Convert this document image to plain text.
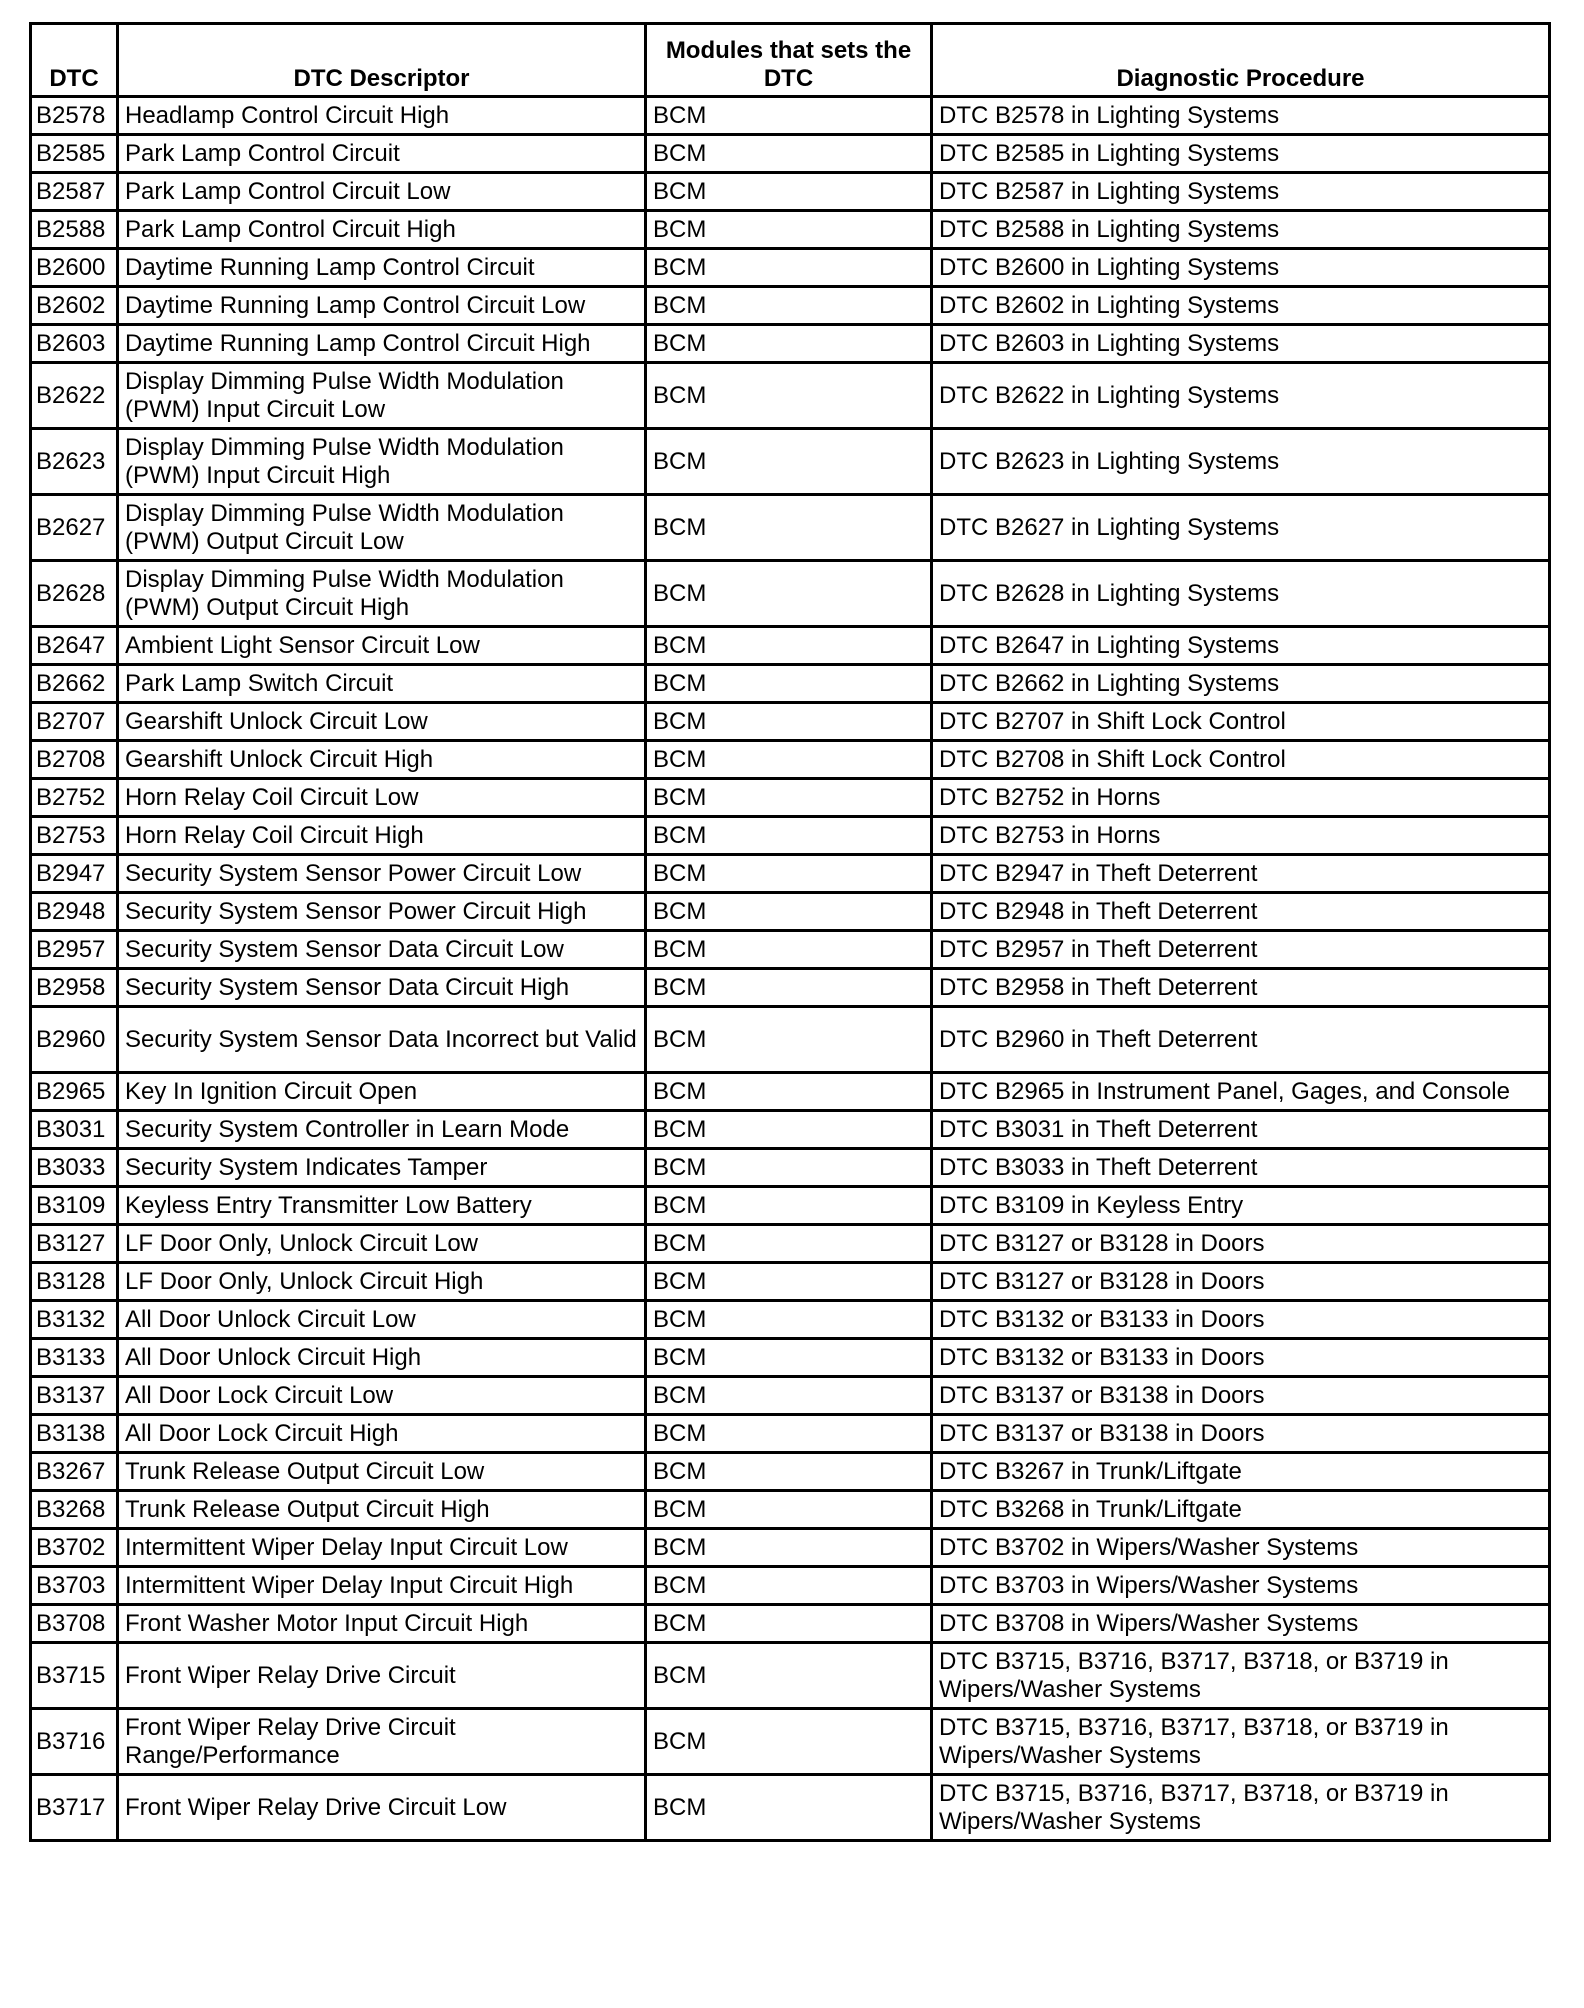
DTC	DTC Descriptor	Modules that sets the DTC	Diagnostic Procedure
B2578	Headlamp Control Circuit High	BCM	DTC B2578 in Lighting Systems
B2585	Park Lamp Control Circuit	BCM	DTC B2585 in Lighting Systems
B2587	Park Lamp Control Circuit Low	BCM	DTC B2587 in Lighting Systems
B2588	Park Lamp Control Circuit High	BCM	DTC B2588 in Lighting Systems
B2600	Daytime Running Lamp Control Circuit	BCM	DTC B2600 in Lighting Systems
B2602	Daytime Running Lamp Control Circuit Low	BCM	DTC B2602 in Lighting Systems
B2603	Daytime Running Lamp Control Circuit High	BCM	DTC B2603 in Lighting Systems
B2622	Display Dimming Pulse Width Modulation (PWM) Input Circuit Low	BCM	DTC B2622 in Lighting Systems
B2623	Display Dimming Pulse Width Modulation (PWM) Input Circuit High	BCM	DTC B2623 in Lighting Systems
B2627	Display Dimming Pulse Width Modulation (PWM) Output Circuit Low	BCM	DTC B2627 in Lighting Systems
B2628	Display Dimming Pulse Width Modulation (PWM) Output Circuit High	BCM	DTC B2628 in Lighting Systems
B2647	Ambient Light Sensor Circuit Low	BCM	DTC B2647 in Lighting Systems
B2662	Park Lamp Switch Circuit	BCM	DTC B2662 in Lighting Systems
B2707	Gearshift Unlock Circuit Low	BCM	DTC B2707 in Shift Lock Control
B2708	Gearshift Unlock Circuit High	BCM	DTC B2708 in Shift Lock Control
B2752	Horn Relay Coil Circuit Low	BCM	DTC B2752 in Horns
B2753	Horn Relay Coil Circuit High	BCM	DTC B2753 in Horns
B2947	Security System Sensor Power Circuit Low	BCM	DTC B2947 in Theft Deterrent
B2948	Security System Sensor Power Circuit High	BCM	DTC B2948 in Theft Deterrent
B2957	Security System Sensor Data Circuit Low	BCM	DTC B2957 in Theft Deterrent
B2958	Security System Sensor Data Circuit High	BCM	DTC B2958 in Theft Deterrent
B2960	Security System Sensor Data Incorrect but Valid	BCM	DTC B2960 in Theft Deterrent
B2965	Key In Ignition Circuit Open	BCM	DTC B2965 in Instrument Panel, Gages, and Console
B3031	Security System Controller in Learn Mode	BCM	DTC B3031 in Theft Deterrent
B3033	Security System Indicates Tamper	BCM	DTC B3033 in Theft Deterrent
B3109	Keyless Entry Transmitter Low Battery	BCM	DTC B3109 in Keyless Entry
B3127	LF Door Only, Unlock Circuit Low	BCM	DTC B3127 or B3128 in Doors
B3128	LF Door Only, Unlock Circuit High	BCM	DTC B3127 or B3128 in Doors
B3132	All Door Unlock Circuit Low	BCM	DTC B3132 or B3133 in Doors
B3133	All Door Unlock Circuit High	BCM	DTC B3132 or B3133 in Doors
B3137	All Door Lock Circuit Low	BCM	DTC B3137 or B3138 in Doors
B3138	All Door Lock Circuit High	BCM	DTC B3137 or B3138 in Doors
B3267	Trunk Release Output Circuit Low	BCM	DTC B3267 in Trunk/Liftgate
B3268	Trunk Release Output Circuit High	BCM	DTC B3268 in Trunk/Liftgate
B3702	Intermittent Wiper Delay Input Circuit Low	BCM	DTC B3702 in Wipers/Washer Systems
B3703	Intermittent Wiper Delay Input Circuit High	BCM	DTC B3703 in Wipers/Washer Systems
B3708	Front Washer Motor Input Circuit High	BCM	DTC B3708 in Wipers/Washer Systems
B3715	Front Wiper Relay Drive Circuit	BCM	DTC B3715, B3716, B3717, B3718, or B3719 in Wipers/Washer Systems
B3716	Front Wiper Relay Drive Circuit Range/Performance	BCM	DTC B3715, B3716, B3717, B3718, or B3719 in Wipers/Washer Systems
B3717	Front Wiper Relay Drive Circuit Low	BCM	DTC B3715, B3716, B3717, B3718, or B3719 in Wipers/Washer Systems
